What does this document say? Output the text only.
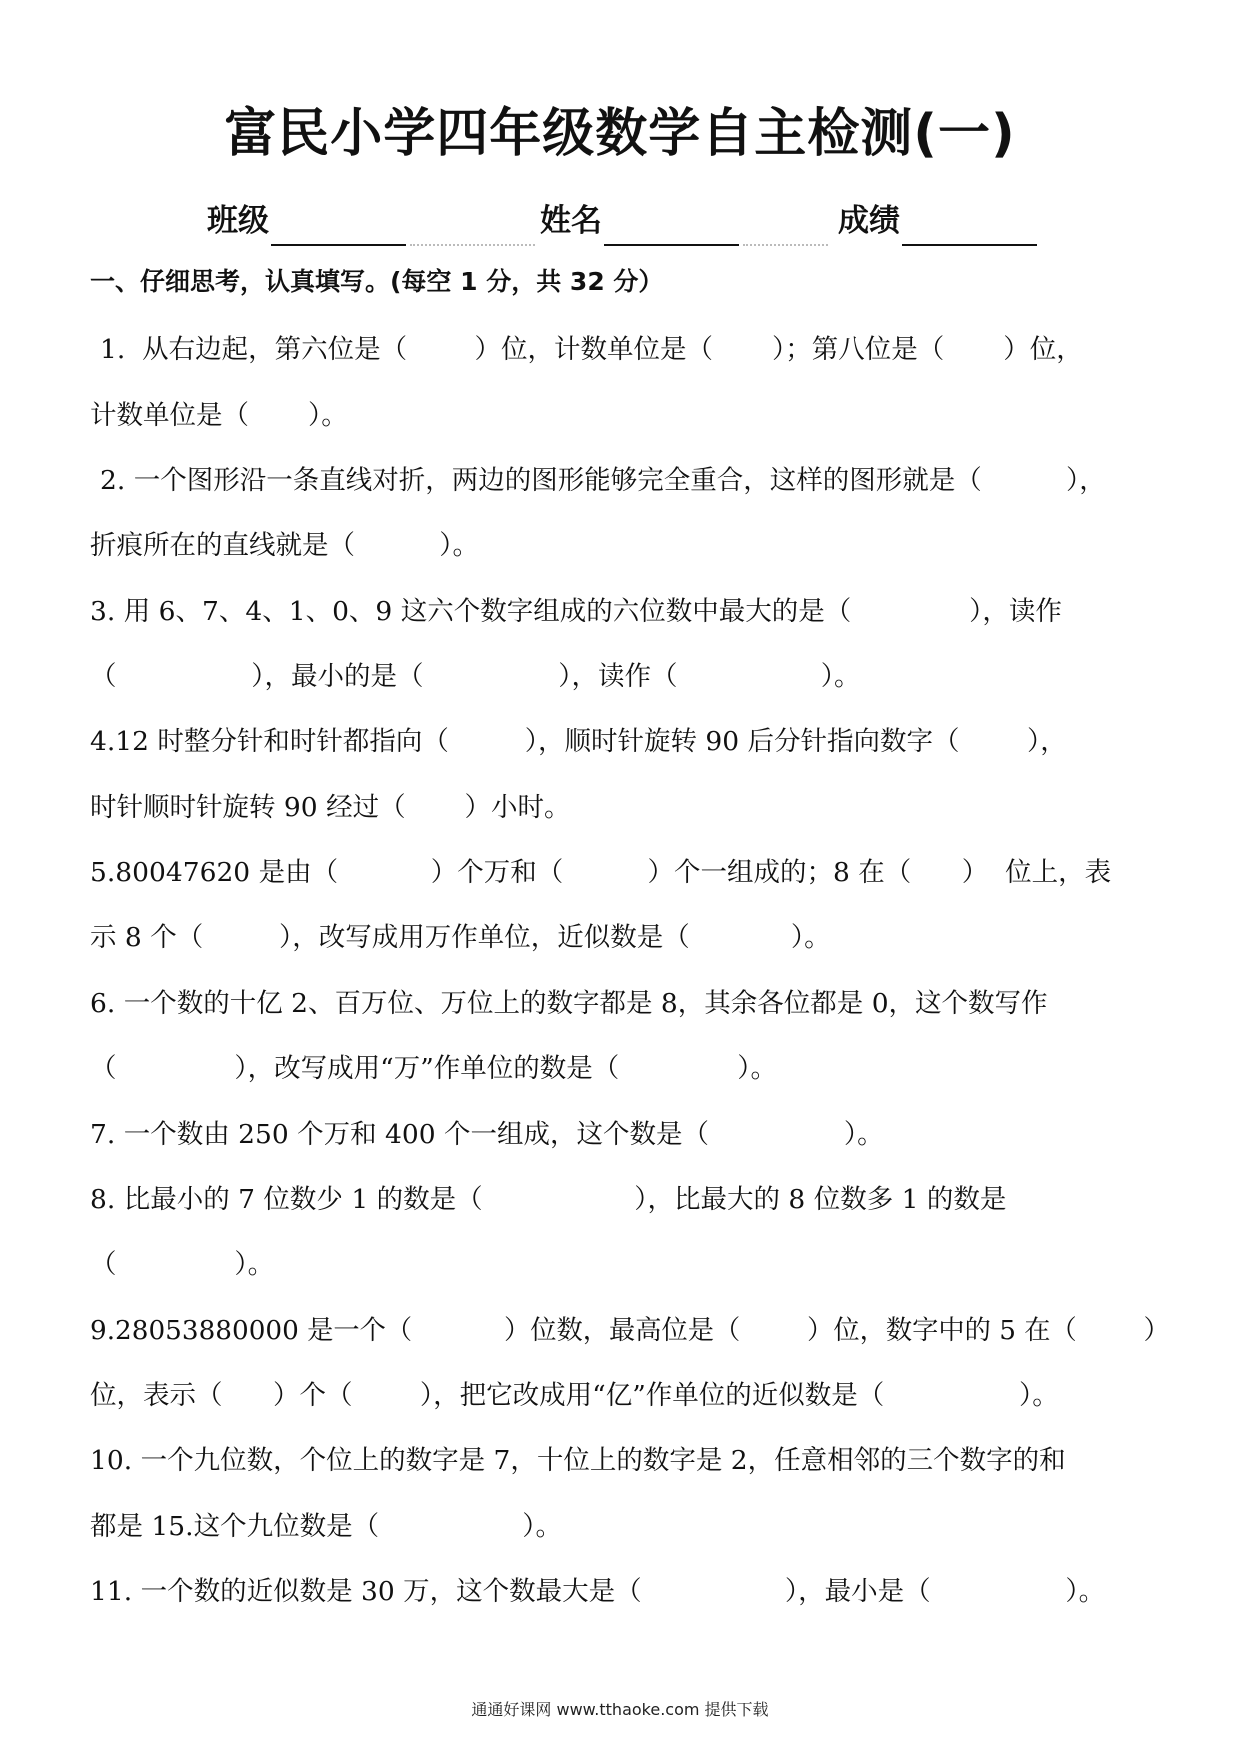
富民小学四年级数学自主检测(一)
班级	姓名	成绩
一、仔细思考，认真填写。(每空 1 分，共 32 分）
1.  从右边起，第六位是（        ）位，计数单位是（       ）；第八位是（       ）位，
计数单位是（       ）。
2. 一个图形沿一条直线对折，两边的图形能够完全重合，这样的图形就是（          ），
折痕所在的直线就是（          ）。
3. 用 6、7、4、1、0、9 这六个数字组成的六位数中最大的是（              ），读作
（                ），最小的是（                ），读作（                 ）。
4.12 时整分针和时针都指向（         ），顺时针旋转 90 后分针指向数字（        ），
时针顺时针旋转 90 经过（       ）小时。
5.80047620 是由（           ）个万和（          ）个一组成的；8 在（      ）  位上，表
示 8 个（         ），改写成用万作单位，近似数是（            ）。
6. 一个数的十亿 2、百万位、万位上的数字都是 8，其余各位都是 0，这个数写作
（              ），改写成用“万”作单位的数是（              ）。
7. 一个数由 250 个万和 400 个一组成，这个数是（                ）。
8. 比最小的 7 位数少 1 的数是（                  ），比最大的 8 位数多 1 的数是
（              ）。
9.28053880000 是一个（           ）位数，最高位是（        ）位，数字中的 5 在（        ）
位，表示（      ）个（        ），把它改成用“亿”作单位的近似数是（                ）。
10. 一个九位数，个位上的数字是 7，十位上的数字是 2，任意相邻的三个数字的和
都是 15.这个九位数是（                 ）。
11. 一个数的近似数是 30 万，这个数最大是（                 ），最小是（                ）。
通通好课网 www.tthaoke.com 提供下载
